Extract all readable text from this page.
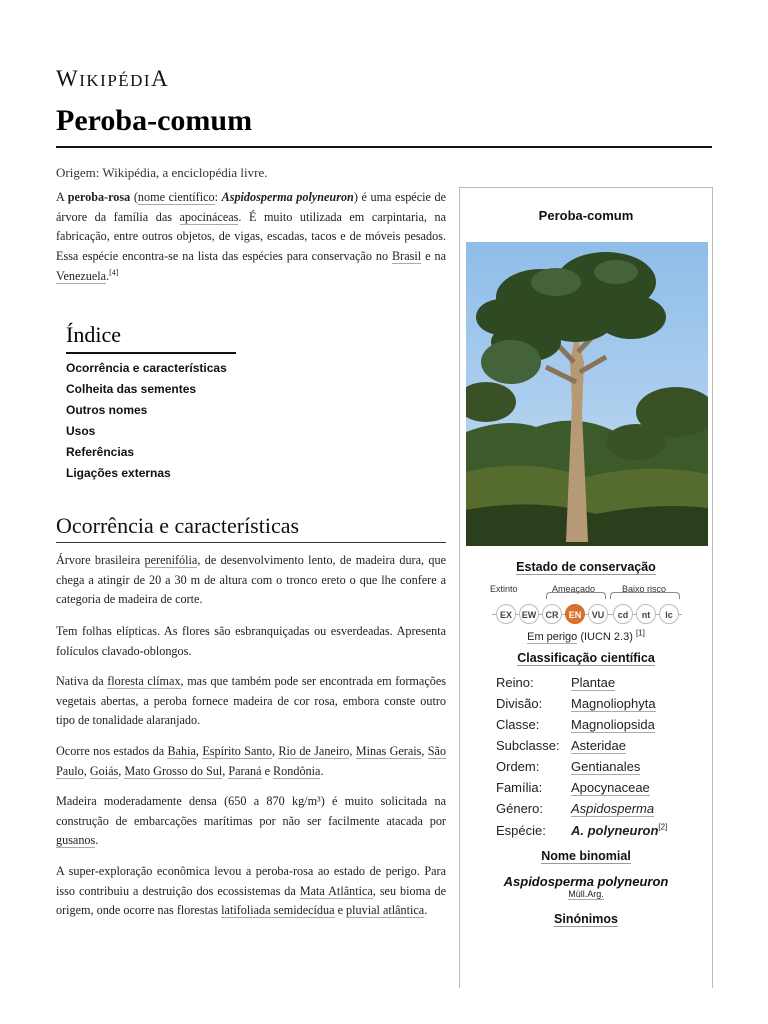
WIKIPÉDIA
Peroba-comum
Origem: Wikipédia, a enciclopédia livre.

A peroba-rosa (nome científico: Aspidosperma polyneuron) é uma espécie de árvore da família das apocináceas. É muito utilizada em carpintaria, na fabricação, entre outros objetos, de vigas, escadas, tacos e de móveis pesados. Essa espécie encontra-se na lista das espécies para conservação no Brasil e na Venezuela.[4]

Índice
Ocorrência e características
Colheita das sementes
Outros nomes
Usos
Referências
Ligações externas
Ocorrência e características

Árvore brasileira perenifólia, de desenvolvimento lento, de madeira dura, que chega a atingir de 20 a 30 m de altura com o tronco ereto o que lhe confere a categoria de madeira de corte.

Tem folhas elípticas. As flores são esbranquiçadas ou esverdeadas. Apresenta folículos clavado-oblongos.

Nativa da floresta clímax, mas que também pode ser encontrada em formações vegetais abertas, a peroba fornece madeira de cor rosa, embora conste outro tipo de tonalidade alaranjado.

Ocorre nos estados da Bahia, Espírito Santo, Rio de Janeiro, Minas Gerais, São Paulo, Goiás, Mato Grosso do Sul, Paraná e Rondônia.

Madeira moderadamente densa (650 a 870 kg/m³) é muito solicitada na construção de embarcações marítimas por não ser facilmente atacada por gusanos.

A super-exploração econômica levou a peroba-rosa ao estado de perigo. Para isso contribuiu a destruição dos ecossistemas da Mata Atlântica, seu bioma de origem, onde ocorre nas florestas latifoliada semidecídua e pluvial atlântica.

Peroba-comum
Estado de conservação
Extinto	Ameaçado	Baixo risco
EX	EW	CR	EN	VU	cd	nt	lc
Em perigo (IUCN 2.3) [1]
Classificação científica
Reino:	Plantae
Divisão:	Magnoliophyta
Classe:	Magnoliopsida
Subclasse: Asteridae
Ordem:	Gentianales
Família:	Apocynaceae
Género:	Aspidosperma
Espécie:	A. polyneuron[2]
Nome binomial
Aspidosperma polyneuron
Müll.Arg.
Sinónimos
